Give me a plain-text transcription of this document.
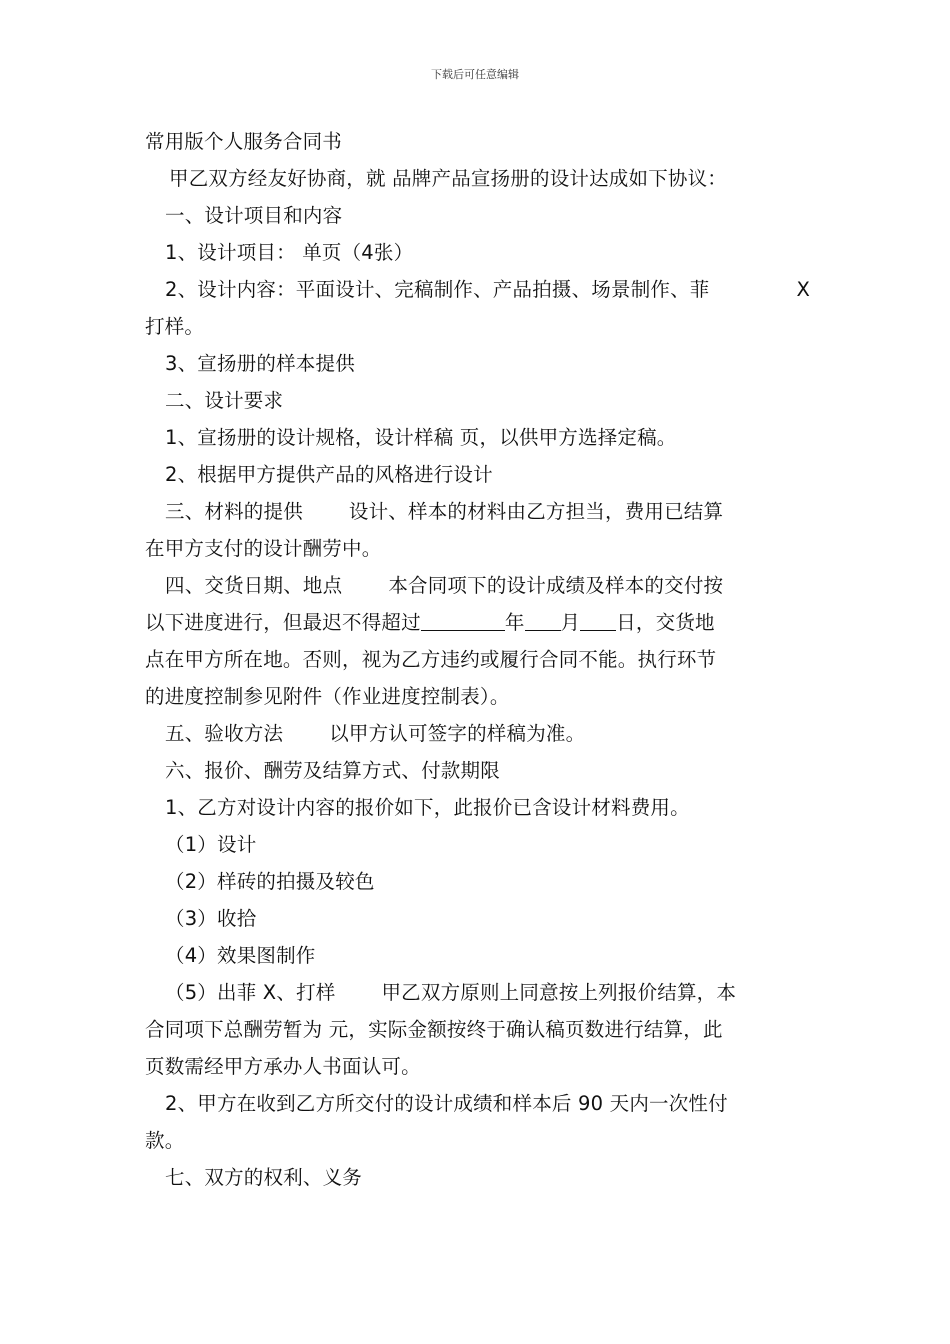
下载后可任意编辑
常用版个人服务合同书
甲乙双方经友好协商，就 品牌产品宣扬册的设计达成如下协议：
一、设计项目和内容
1、设计项目： 单页（4张）
2、设计内容：平面设计、完稿制作、产品拍摄、场景制作、菲	X
打样。
3、宣扬册的样本提供
二、设计要求
1、宣扬册的设计规格，设计样稿 页，以供甲方选择定稿。
2、根据甲方提供产品的风格进行设计
三、材料的提供 设计、样本的材料由乙方担当，费用已结算
在甲方支付的设计酬劳中。
四、交货日期、地点 本合同项下的设计成绩及样本的交付按
以下进度进行，但最迟不得超过	年 月 日，交货地
点在甲方所在地。否则，视为乙方违约或履行合同不能。执行环节
的进度控制参见附件（作业进度控制表）。
五、验收方法 以甲方认可签字的样稿为准。
六、报价、酬劳及结算方式、付款期限
1、乙方对设计内容的报价如下，此报价已含设计材料费用。
（1）设计
（2）样砖的拍摄及较色
（3）收拾
（4）效果图制作
（5）出菲 X、打样 甲乙双方原则上同意按上列报价结算，本
合同项下总酬劳暂为 元，实际金额按终于确认稿页数进行结算，此
页数需经甲方承办人书面认可。
2、甲方在收到乙方所交付的设计成绩和样本后 90 天内一次性付
款。
七、双方的权利、义务
